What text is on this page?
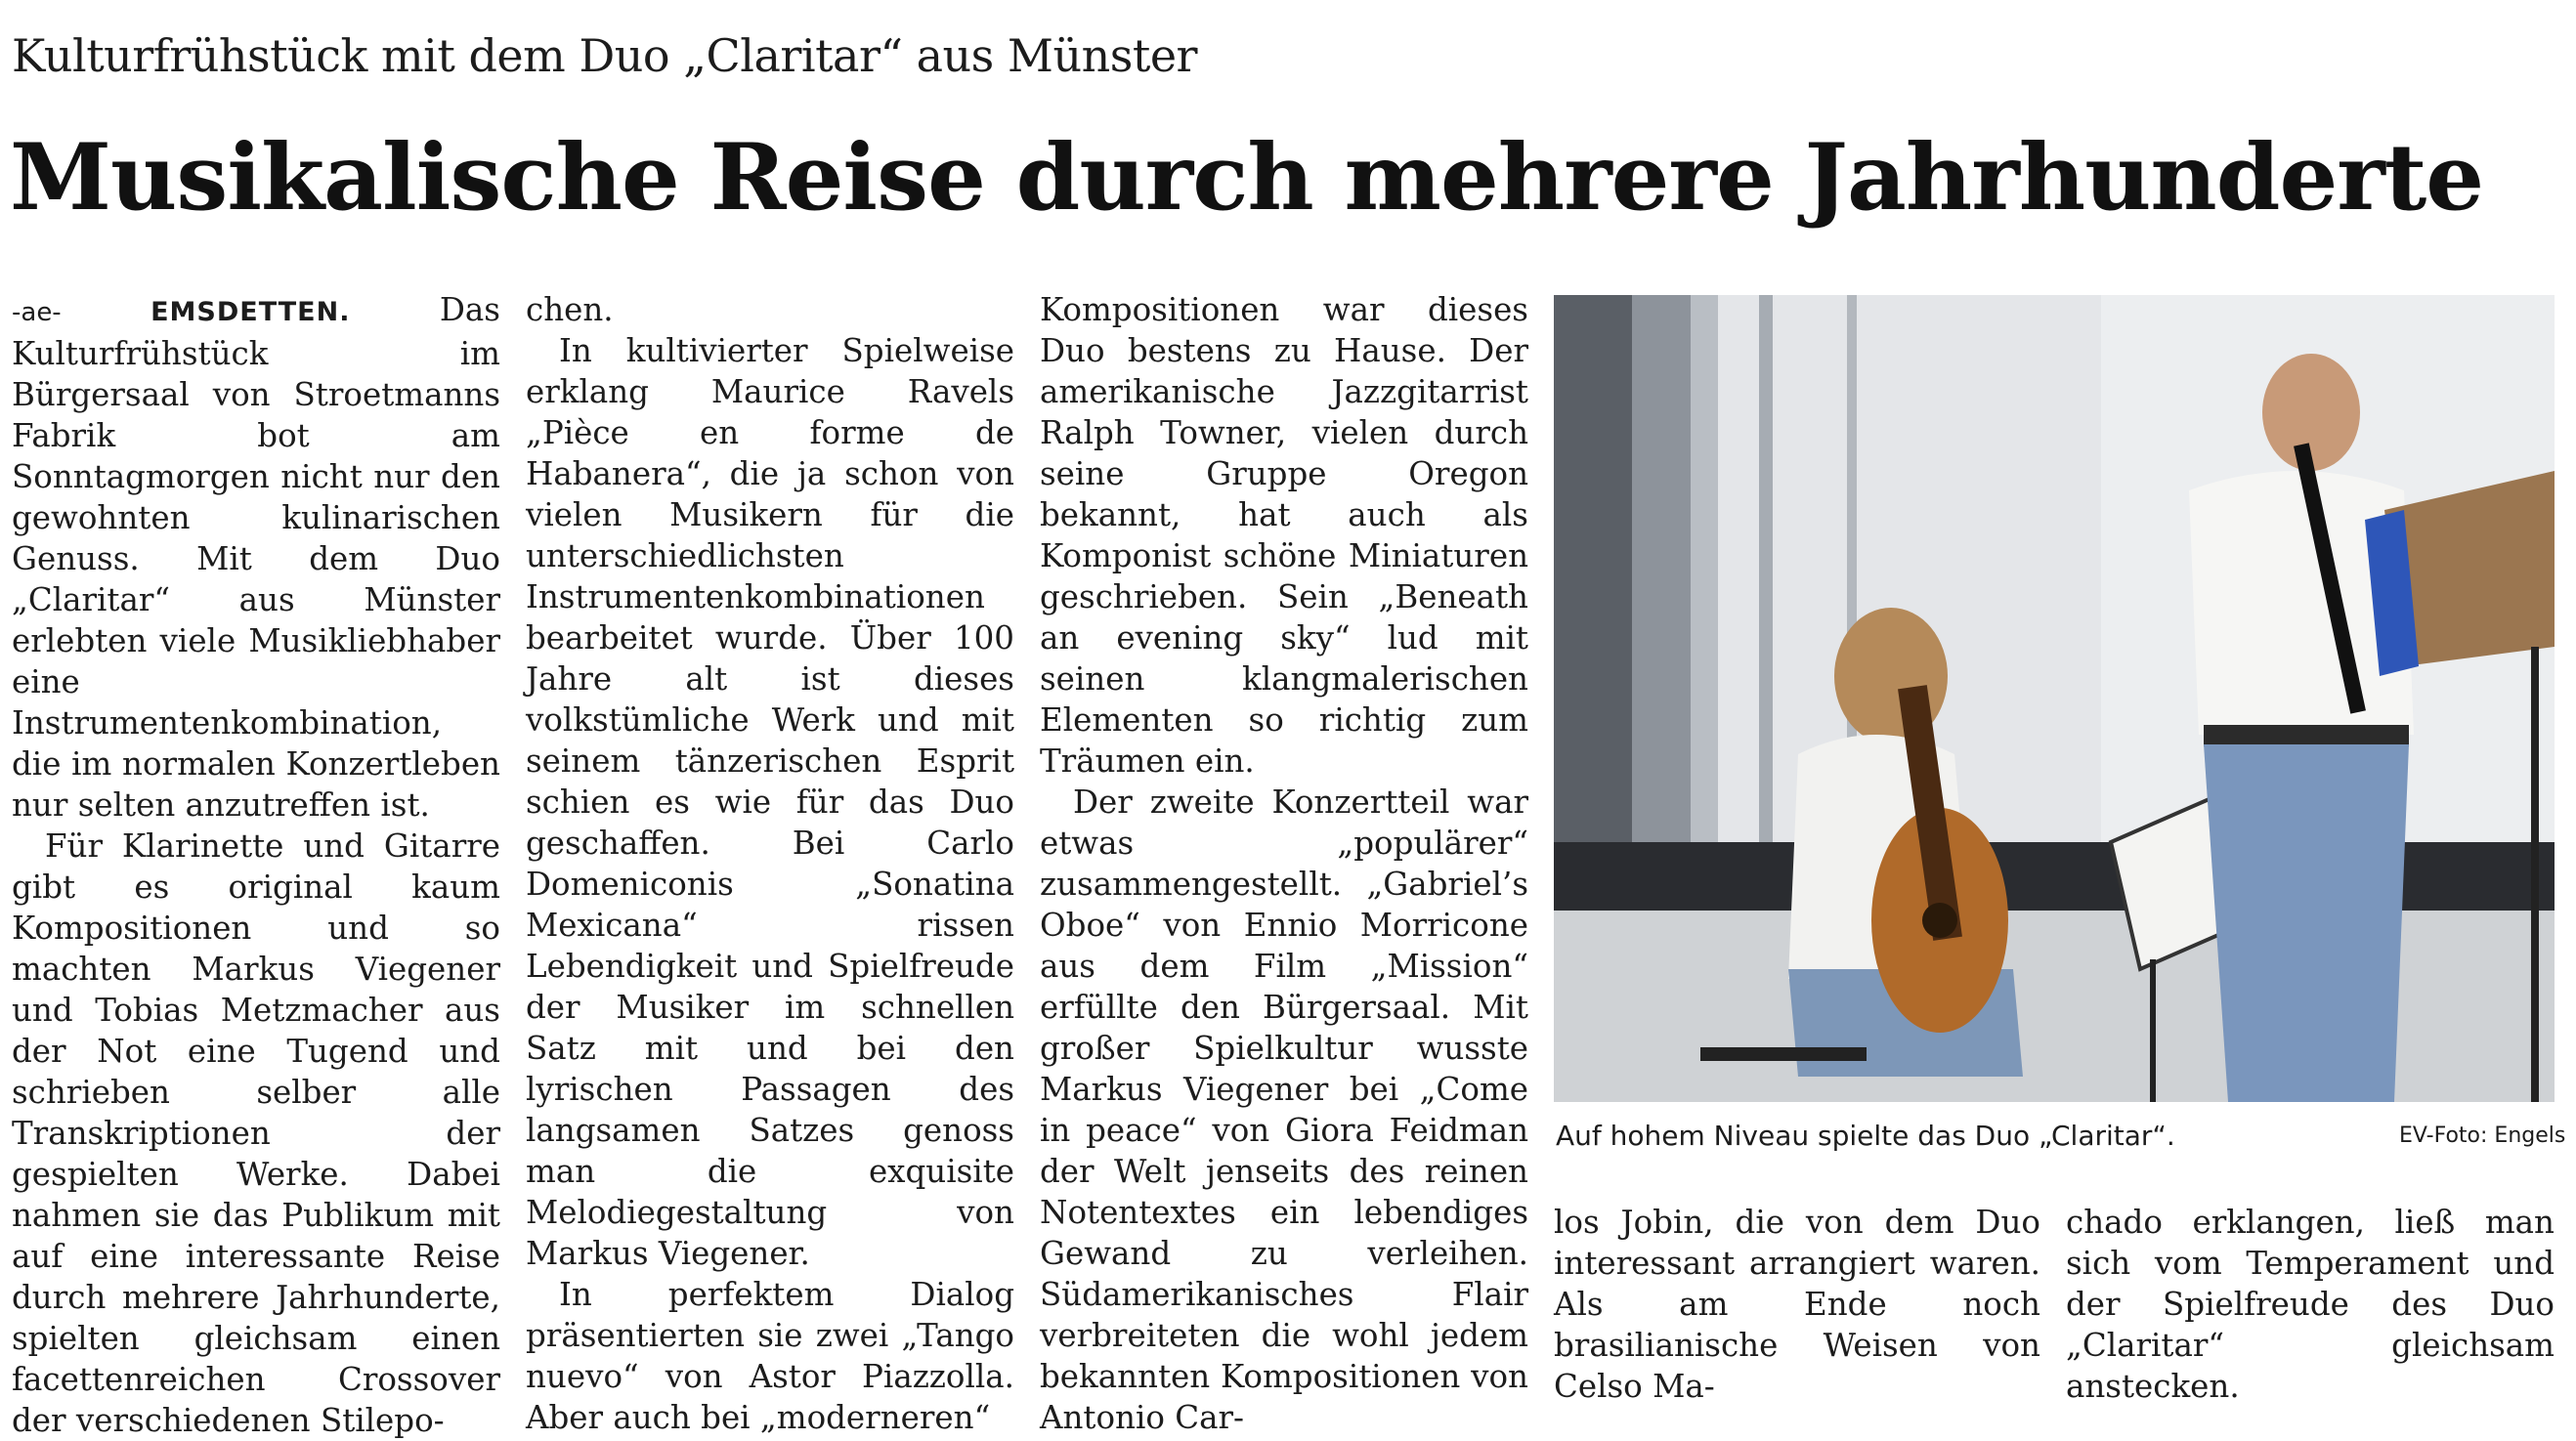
Kulturfrühstück mit dem Duo „Claritar“ aus Münster
Musikalische Reise durch mehrere Jahrhunderte

-ae-	EMSDETTEN.	Das Kulturfrühstück im Bürgersaal von Stroetmanns Fabrik bot am Sonntagmorgen nicht nur den gewohnten kulinarischen Genuss. Mit dem Duo „Claritar“ aus Münster erlebten viele Musikliebhaber eine Instrumentenkombination, die im normalen Konzertleben nur selten anzutreffen ist.

Für Klarinette und Gitarre gibt es original kaum Kompositionen und so machten Markus Viegener und Tobias Metzmacher aus der Not eine Tugend und schrieben selber alle Transkriptionen der gespielten Werke. Dabei nahmen sie das Publikum mit auf eine interessante Reise durch mehrere Jahrhunderte, spielten gleichsam einen facettenreichen Crossover der verschiedenen Stilepo-

chen.

In kultivierter Spielweise erklang Maurice Ravels „Pièce en forme de Habanera“, die ja schon von vielen Musikern für die unterschiedlichsten Instrumentenkombinationen bearbeitet wurde. Über 100 Jahre alt ist dieses volkstümliche Werk und mit seinem tänzerischen Esprit schien es wie für das Duo geschaffen. Bei Carlo Domeniconis „Sonatina Mexicana“ rissen Lebendigkeit und Spielfreude der Musiker im schnellen Satz mit und bei den lyrischen Passagen des langsamen Satzes genoss man die exquisite Melodiegestaltung von Markus Viegener.

In perfektem Dialog präsentierten sie zwei „Tango nuevo“ von Astor Piazzolla. Aber auch bei „moderneren“

Kompositionen war dieses Duo bestens zu Hause. Der amerikanische Jazzgitarrist Ralph Towner, vielen durch seine Gruppe Oregon bekannt, hat auch als Komponist schöne Miniaturen geschrieben. Sein „Beneath an evening sky“ lud mit seinen klangmalerischen Elementen so richtig zum Träumen ein.

Der zweite Konzertteil war etwas „populärer“ zusammengestellt. „Gabriel’s Oboe“ von Ennio Morricone aus dem Film „Mission“ erfüllte den Bürgersaal. Mit großer Spielkultur wusste Markus Viegener bei „Come in peace“ von Giora Feidman der Welt jenseits des reinen Notentextes ein lebendiges Gewand zu verleihen. Südamerikanisches Flair verbreiteten die wohl jedem bekannten Kompositionen von Antonio Car-

Auf hohem Niveau spielte das Duo „Claritar“.	EV-Foto: Engels

los Jobin, die von dem Duo interessant arrangiert waren. Als am Ende noch brasilianische Weisen von Celso Ma-

chado erklangen, ließ man sich vom Temperament und der Spielfreude des Duo „Claritar“ gleichsam anstecken.
